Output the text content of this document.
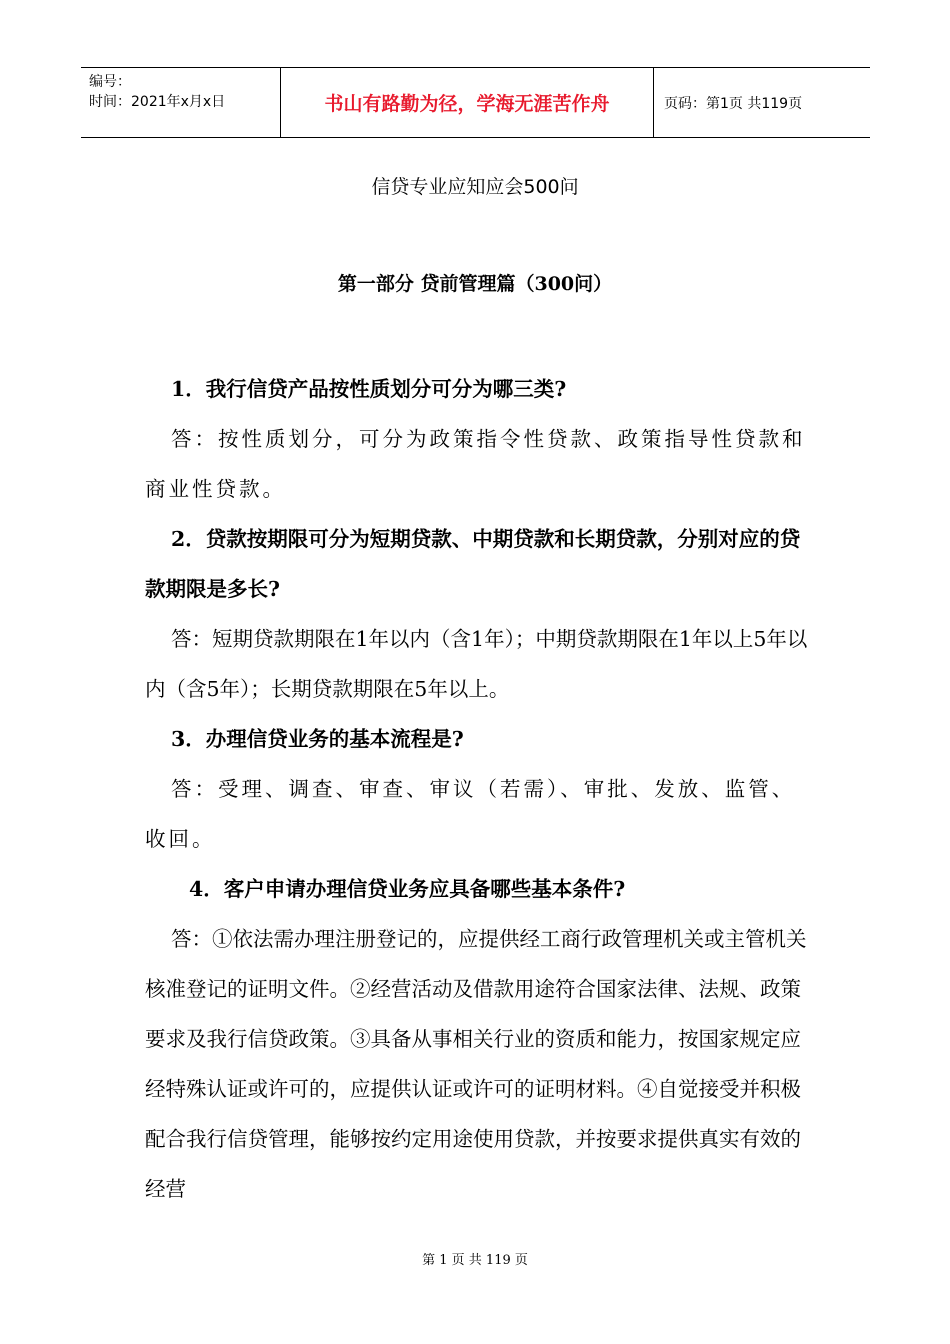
编号：
时间：2021年x月x日	书山有路勤为径，学海无涯苦作舟	页码：第1页 共119页
信贷专业应知应会500问
第一部分 贷前管理篇（300问）

1．我行信贷产品按性质划分可分为哪三类?

答：按性质划分，可分为政策指令性贷款、政策指导性贷款和商业性贷款。

2．贷款按期限可分为短期贷款、中期贷款和长期贷款，分别对应的贷款期限是多长?

答：短期贷款期限在1年以内（含1年）；中期贷款期限在1年以上5年以内（含5年）；长期贷款期限在5年以上。

3．办理信贷业务的基本流程是?

答：受理、调查、审查、审议（若需）、审批、发放、监管、收回。

4．客户申请办理信贷业务应具备哪些基本条件?

答：①依法需办理注册登记的，应提供经工商行政管理机关或主管机关核准登记的证明文件。②经营活动及借款用途符合国家法律、法规、政策要求及我行信贷政策。③具备从事相关行业的资质和能力，按国家规定应经特殊认证或许可的，应提供认证或许可的证明材料。④自觉接受并积极配合我行信贷管理，能够按约定用途使用贷款，并按要求提供真实有效的经营

第 1 页 共 119 页
